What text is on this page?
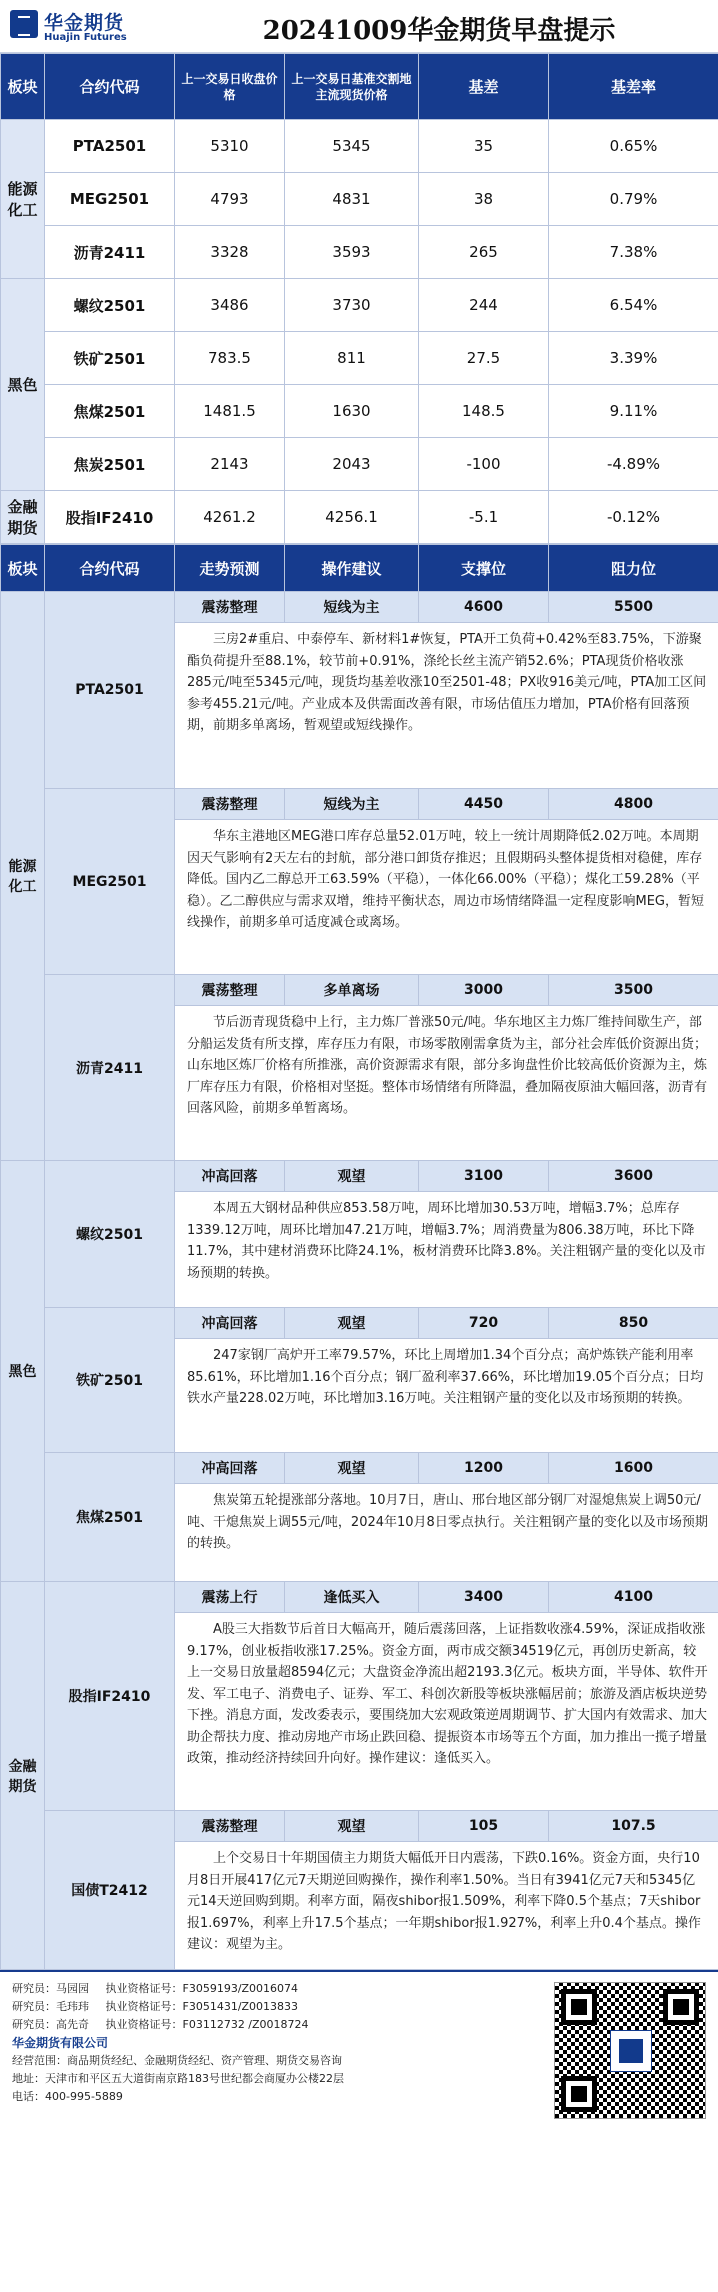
华金期货
Huajin Futures	20241009华金期货早盘提示
板块	合约代码	上一交易日收盘价格	上一交易日基准交割地主流现货价格	基差	基差率
能源化工	PTA2501	5310	5345	35	0.65%
	MEG2501	4793	4831	38	0.79%
	沥青2411	3328	3593	265	7.38%
黑色	螺纹2501	3486	3730	244	6.54%
	铁矿2501	783.5	811	27.5	3.39%
	焦煤2501	1481.5	1630	148.5	9.11%
	焦炭2501	2143	2043	-100	-4.89%
金融期货	股指IF2410	4261.2	4256.1	-5.1	-0.12%
板块	合约代码	走势预测	操作建议	支撑位	阻力位
能源化工	PTA2501	震荡整理	短线为主	4600	5500
		三房2#重启、中泰停车、新材料1#恢复，PTA开工负荷+0.42%至83.75%，下游聚酯负荷提升至88.1%，较节前+0.91%，涤纶长丝主流产销52.6%；PTA现货价格收涨285元/吨至5345元/吨，现货均基差收涨10至2501-48；PX收916美元/吨，PTA加工区间参考455.21元/吨。产业成本及供需面改善有限，市场估值压力增加，PTA价格有回落预期，前期多单离场，暂观望或短线操作。			
	MEG2501	震荡整理	短线为主	4450	4800
		华东主港地区MEG港口库存总量52.01万吨，较上一统计周期降低2.02万吨。本周期因天气影响有2天左右的封航，部分港口卸货存推迟；且假期码头整体提货相对稳健，库存降低。国内乙二醇总开工63.59%（平稳），一体化66.00%（平稳）；煤化工59.28%（平稳）。乙二醇供应与需求双增，维持平衡状态，周边市场情绪降温一定程度影响MEG，暂短线操作，前期多单可适度减仓或离场。			
	沥青2411	震荡整理	多单离场	3000	3500
		节后沥青现货稳中上行，主力炼厂普涨50元/吨。华东地区主力炼厂维持间歇生产，部分船运发货有所支撑，库存压力有限，市场零散刚需拿货为主，部分社会库低价资源出货；山东地区炼厂价格有所推涨，高价资源需求有限，部分多询盘性价比较高低价资源为主，炼厂库存压力有限，价格相对坚挺。整体市场情绪有所降温，叠加隔夜原油大幅回落，沥青有回落风险，前期多单暂离场。			
黑色	螺纹2501	冲高回落	观望	3100	3600
		本周五大钢材品种供应853.58万吨，周环比增加30.53万吨，增幅3.7%；总库存1339.12万吨，周环比增加47.21万吨，增幅3.7%；周消费量为806.38万吨，环比下降11.7%，其中建材消费环比降24.1%，板材消费环比降3.8%。关注粗钢产量的变化以及市场预期的转换。			
	铁矿2501	冲高回落	观望	720	850
		247家钢厂高炉开工率79.57%，环比上周增加1.34个百分点；高炉炼铁产能利用率85.61%，环比增加1.16个百分点；钢厂盈利率37.66%，环比增加19.05个百分点；日均铁水产量228.02万吨，环比增加3.16万吨。关注粗钢产量的变化以及市场预期的转换。			
	焦煤2501	冲高回落	观望	1200	1600
		焦炭第五轮提涨部分落地。10月7日，唐山、邢台地区部分钢厂对湿熄焦炭上调50元/吨、干熄焦炭上调55元/吨，2024年10月8日零点执行。关注粗钢产量的变化以及市场预期的转换。			
金融期货	股指IF2410	震荡上行	逢低买入	3400	4100
		A股三大指数节后首日大幅高开，随后震荡回落，上证指数收涨4.59%，深证成指收涨9.17%，创业板指收涨17.25%。资金方面，两市成交额34519亿元，再创历史新高，较上一交易日放量超8594亿元；大盘资金净流出超2193.3亿元。板块方面，半导体、软件开发、军工电子、消费电子、证券、军工、科创次新股等板块涨幅居前；旅游及酒店板块逆势下挫。消息方面，发改委表示，要围绕加大宏观政策逆周期调节、扩大国内有效需求、加大助企帮扶力度、推动房地产市场止跌回稳、提振资本市场等五个方面，加力推出一揽子增量政策，推动经济持续回升向好。操作建议：逢低买入。			
	国债T2412	震荡整理	观望	105	107.5
		上个交易日十年期国债主力期货大幅低开日内震荡，下跌0.16%。资金方面，央行10月8日开展417亿元7天期逆回购操作，操作利率1.50%。当日有3941亿元7天和5345亿元14天逆回购到期。利率方面，隔夜shibor报1.509%，利率下降0.5个基点；7天shibor报1.697%，利率上升17.5个基点；一年期shibor报1.927%，利率上升0.4个基点。操作建议：观望为主。			
研究员：马园园 执业资格证号：F3059193/Z0016074
研究员：毛玮玮 执业资格证号：F3051431/Z0013833
研究员：高先奇 执业资格证号：F03112732 /Z0018724
华金期货有限公司
经营范围：商品期货经纪、金融期货经纪、资产管理、期货交易咨询
地址：天津市和平区五大道街南京路183号世纪都会商厦办公楼22层
电话：400-995-5889
